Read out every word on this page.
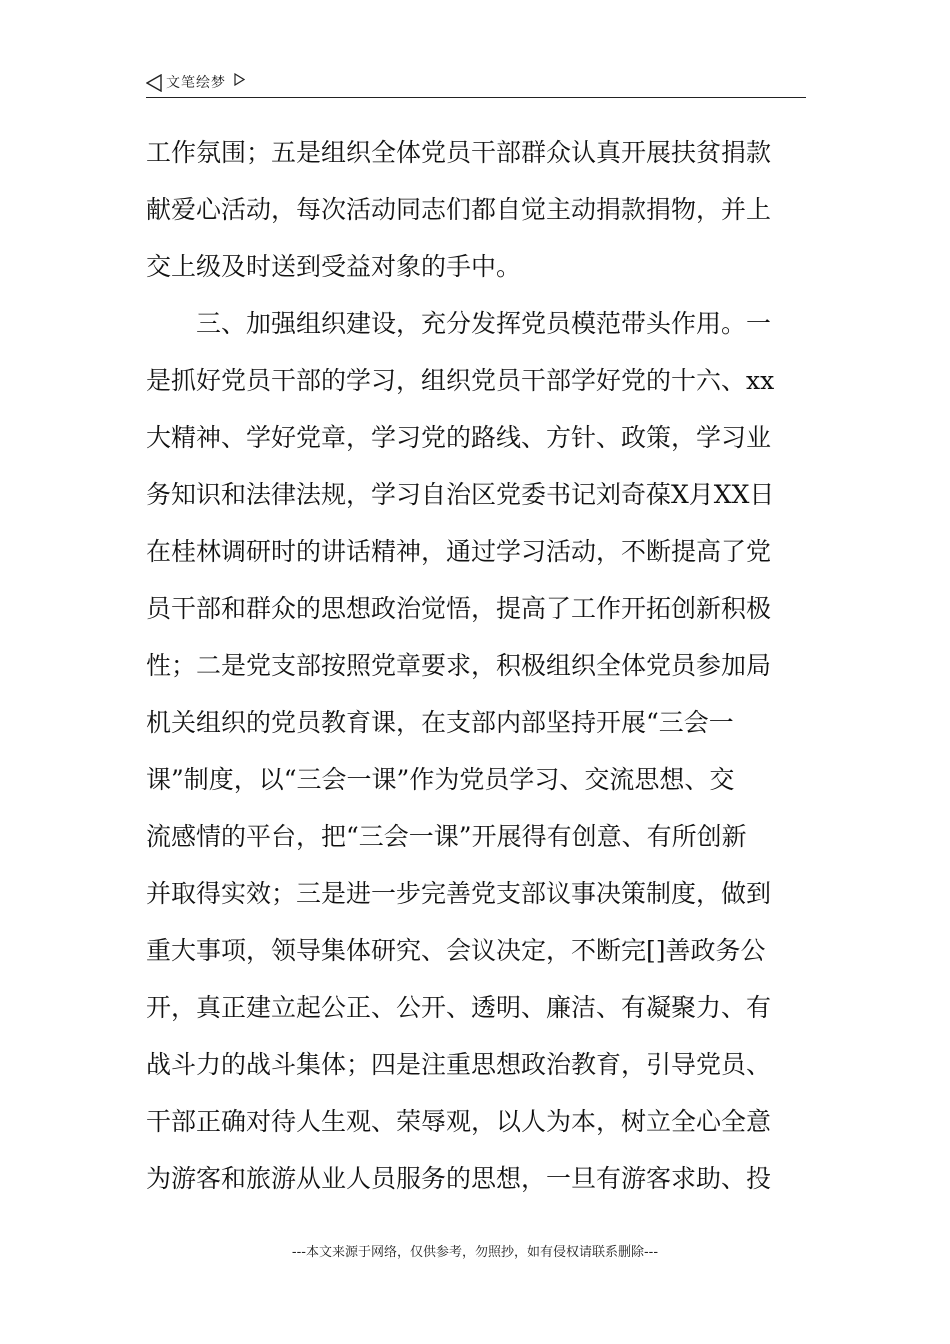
文笔绘梦
工作氛围；五是组织全体党员干部群众认真开展扶贫捐款
献爱心活动，每次活动同志们都自觉主动捐款捐物，并上
交上级及时送到受益对象的手中。
　　三、加强组织建设，充分发挥党员模范带头作用。一
是抓好党员干部的学习，组织党员干部学好党的十六、xx
大精神、学好党章，学习党的路线、方针、政策，学习业
务知识和法律法规，学习自治区党委书记刘奇葆X月XX日
在桂林调研时的讲话精神，通过学习活动，不断提高了党
员干部和群众的思想政治觉悟，提高了工作开拓创新积极
性；二是党支部按照党章要求，积极组织全体党员参加局
机关组织的党员教育课，在支部内部坚持开展“三会一
课”制度，以“三会一课”作为党员学习、交流思想、交
流感情的平台，把“三会一课”开展得有创意、有所创新
并取得实效；三是进一步完善党支部议事决策制度，做到
重大事项，领导集体研究、会议决定，不断完[]善政务公
开，真正建立起公正、公开、透明、廉洁、有凝聚力、有
战斗力的战斗集体；四是注重思想政治教育，引导党员、
干部正确对待人生观、荣辱观，以人为本，树立全心全意
为游客和旅游从业人员服务的思想，一旦有游客求助、投
---本文来源于网络，仅供参考，勿照抄，如有侵权请联系删除---
